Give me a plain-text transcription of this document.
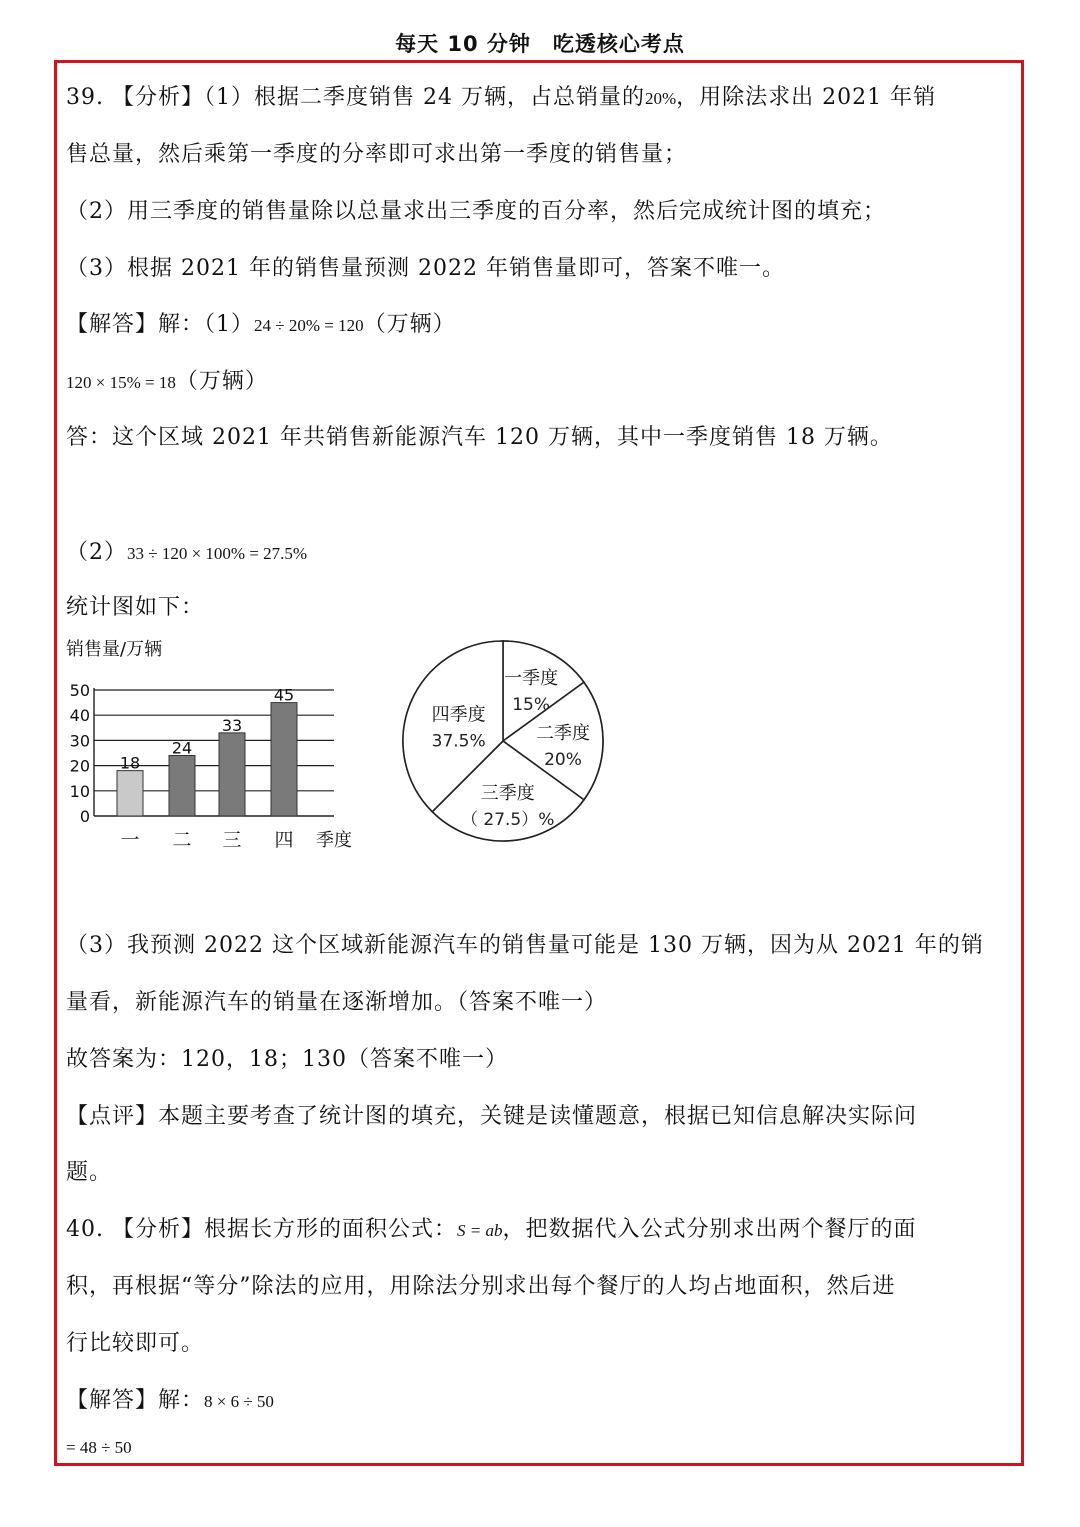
每天 10 分钟　吃透核心考点
39. 【分析】（1）根据二季度销售 24 万辆，占总销量的20%，用除法求出 2021 年销
售总量，然后乘第一季度的分率即可求出第一季度的销售量；
（2）用三季度的销售量除以总量求出三季度的百分率，然后完成统计图的填充；
（3）根据 2021 年的销售量预测 2022 年销售量即可，答案不唯一。
【解答】解：（1）24 ÷ 20% = 120（万辆）
120 × 15% = 18（万辆）
答：这个区域 2021 年共销售新能源汽车 120 万辆，其中一季度销售 18 万辆。
（2）33 ÷ 120 × 100% = 27.5%
统计图如下：
销售量/万辆
0
10
20
30
40
50
18
一
24
二
33
三
45
四 季度
一季度
15%
二季度
20%
三季度
（ 27.5）%
四季度
37.5%
（3）我预测 2022 这个区域新能源汽车的销售量可能是 130 万辆，因为从 2021 年的销
量看，新能源汽车的销量在逐渐增加。（答案不唯一）
故答案为：120，18；130（答案不唯一）
【点评】本题主要考查了统计图的填充，关键是读懂题意，根据已知信息解决实际问
题。
40. 【分析】根据长方形的面积公式：S = ab，把数据代入公式分别求出两个餐厅的面
积，再根据“等分”除法的应用，用除法分别求出每个餐厅的人均占地面积，然后进
行比较即可。
【解答】解：8 × 6 ÷ 50
= 48 ÷ 50
